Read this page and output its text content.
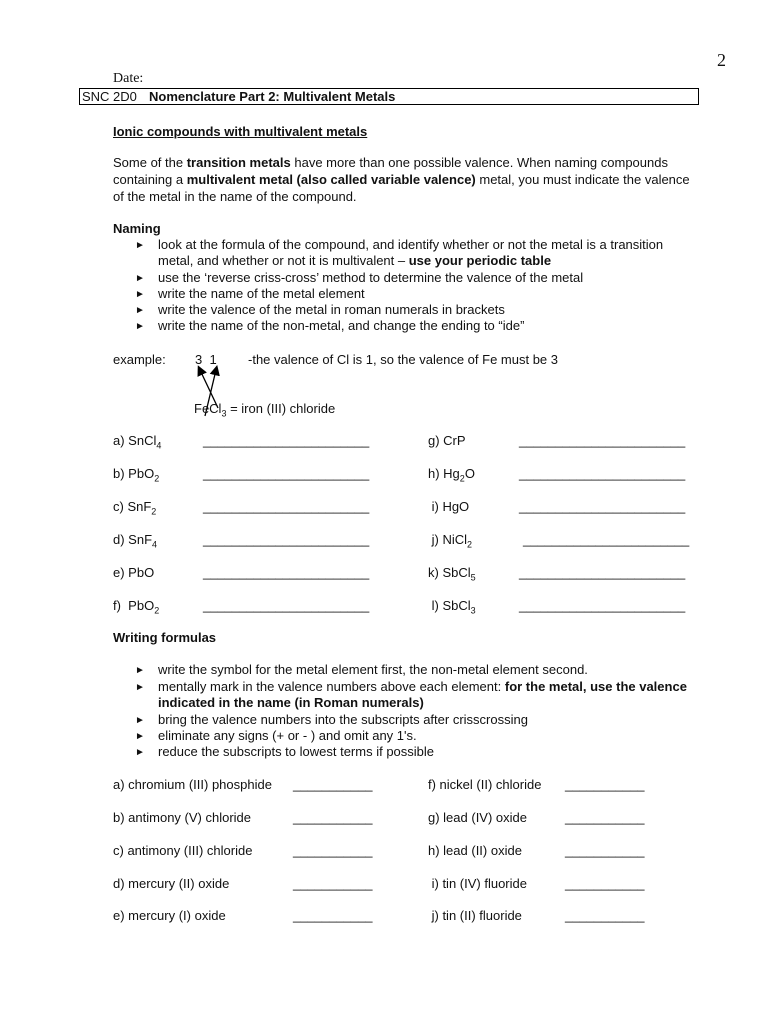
2
Date:
SNC 2D0 Nomenclature Part 2: Multivalent Metals
Ionic compounds with multivalent metals
Some of the transition metals have more than one possible valence. When naming compounds
containing a multivalent metal (also called variable valence) metal, you must indicate the valence
of the metal in the name of the compound.
Naming
► look at the formula of the compound, and identify whether or not the metal is a transition
metal, and whether or not it is multivalent – use your periodic table
► use the ‘reverse criss-cross’ method to determine the valence of the metal
► write the name of the metal element
► write the valence of the metal in roman numerals in brackets
► write the name of the non-metal, and change the ending to “ide”
example: 3  1 -the valence of Cl is 1, so the valence of Fe must be 3
FeCl$_3$ = iron (III) chloride
a) SnCl$_4$	_______________________	g) CrP	_______________________
b) PbO$_2$	_______________________	h) $Hg_2O$	_______________________
c) SnF$_2$	_______________________	i) HgO	_______________________
d) SnF$_4$	_______________________	j) NiCl$_2$	_______________________
e) PbO	_______________________	k) SbCl$_5$	_______________________
f)  PbO$_2$	_______________________	l) SbCl$_3$	_______________________
Writing formulas
► write the symbol for the metal element first, the non-metal element second.
► mentally mark in the valence numbers above each element: for the metal, use the valence
indicated in the name (in Roman numerals)
► bring the valence numbers into the subscripts after crisscrossing
► eliminate any signs (+ or - ) and omit any 1's.
► reduce the subscripts to lowest terms if possible
a) chromium (III) phosphide ___________	f) nickel (II) chloride ___________
b) antimony (V) chloride	___________	g) lead (IV) oxide	___________
c) antimony (III) chloride	___________	h) lead (II) oxide	___________
d) mercury (II) oxide	___________	i) tin (IV) fluoride	___________
e) mercury (I) oxide	___________	j) tin (II) fluoride	___________
